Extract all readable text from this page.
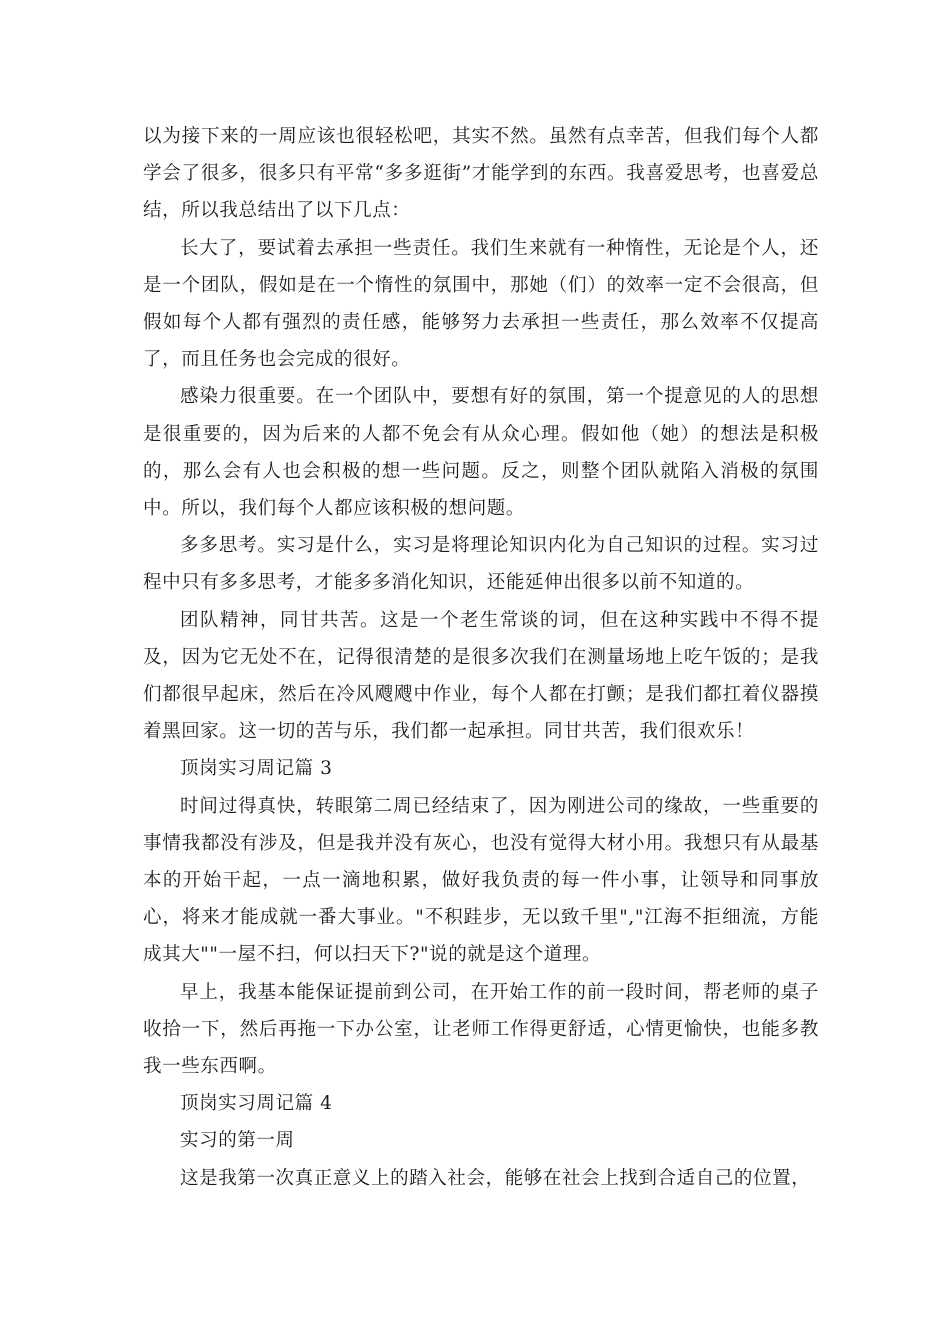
以为接下来的一周应该也很轻松吧，其实不然。虽然有点幸苦，但我们每个人都学会了很多，很多只有平常“多多逛街”才能学到的东西。我喜爱思考，也喜爱总结，所以我总结出了以下几点：

长大了，要试着去承担一些责任。我们生来就有一种惰性，无论是个人，还是一个团队，假如是在一个惰性的氛围中，那她（们）的效率一定不会很高，但假如每个人都有强烈的责任感，能够努力去承担一些责任，那么效率不仅提高了，而且任务也会完成的很好。

感染力很重要。在一个团队中，要想有好的氛围，第一个提意见的人的思想是很重要的，因为后来的人都不免会有从众心理。假如他（她）的想法是积极的，那么会有人也会积极的想一些问题。反之，则整个团队就陷入消极的氛围中。所以，我们每个人都应该积极的想问题。

多多思考。实习是什么，实习是将理论知识内化为自己知识的过程。实习过程中只有多多思考，才能多多消化知识，还能延伸出很多以前不知道的。

团队精神，同甘共苦。这是一个老生常谈的词，但在这种实践中不得不提及，因为它无处不在，记得很清楚的是很多次我们在测量场地上吃午饭的；是我们都很早起床，然后在冷风飕飕中作业，每个人都在打颤；是我们都扛着仪器摸着黑回家。这一切的苦与乐，我们都一起承担。同甘共苦，我们很欢乐！

顶岗实习周记篇 3

时间过得真快，转眼第二周已经结束了，因为刚进公司的缘故，一些重要的事情我都没有涉及，但是我并没有灰心，也没有觉得大材小用。我想只有从最基本的开始干起，一点一滴地积累，做好我负责的每一件小事，让领导和同事放心，将来才能成就一番大事业。"不积跬步，无以致千里","江海不拒细流，方能成其大""一屋不扫，何以扫天下?"说的就是这个道理。

早上，我基本能保证提前到公司，在开始工作的前一段时间，帮老师的桌子收拾一下，然后再拖一下办公室，让老师工作得更舒适，心情更愉快，也能多教我一些东西啊。

顶岗实习周记篇 4

实习的第一周

这是我第一次真正意义上的踏入社会，能够在社会上找到合适自己的位置，
